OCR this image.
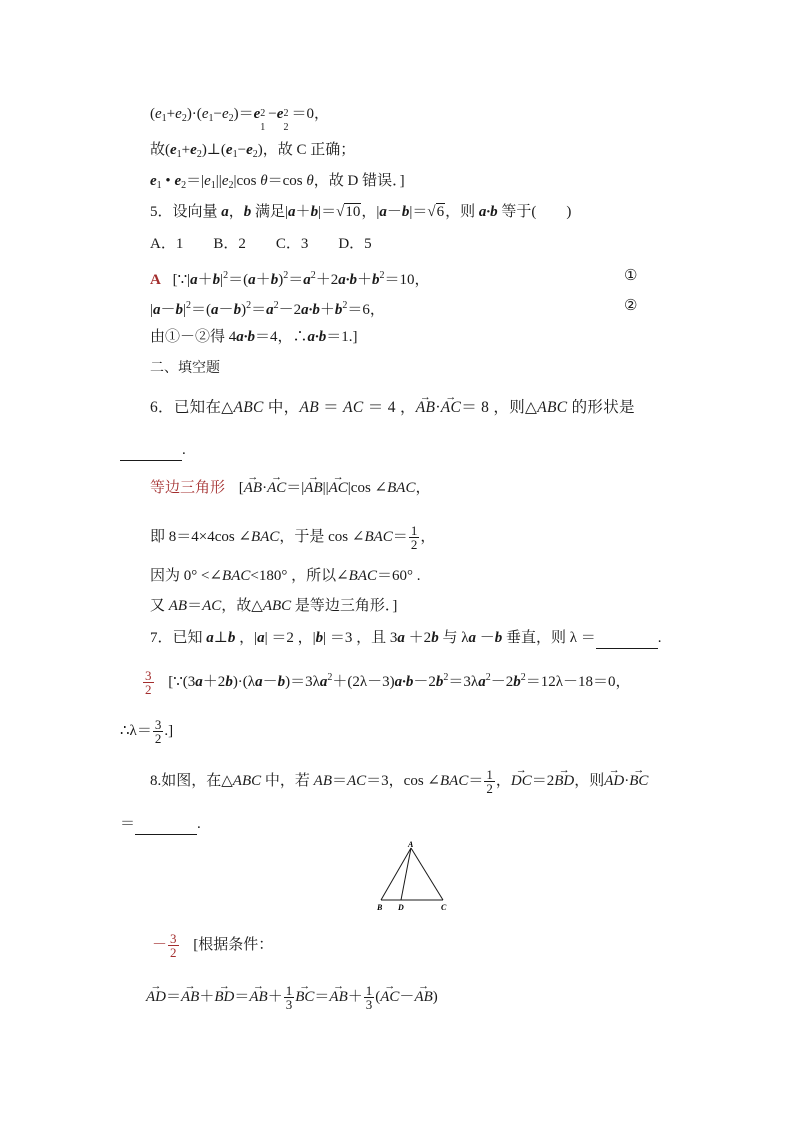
$(e_1+e_2)\cdot(e_1-e_2)=e$ 2
1
−e 2
2
＝0，
故$(e_1+e_2)\perp(e_1-e_2)$，故 C 正确；
$e_1$ • $e_2=|e_1||e_2|\cos$ θ＝cos θ，故 D 错误．]
5．设向量 a，b 满足|a＋b|＝√10，|a－b|＝√6，则 a·b 等于(　　)
A．1　　B．2　　C．3　　D．5
A [$\because|a+b|^2=(a+b)^2=a^2+2a\cdot b+b^2=10$，	①
$|a-b|^2=(a-b)^2=a^2-2a\cdot b+b^2=6$，	②
由①－②得 4a·b＝4，∴a·b＝1.]
二、填空题
6．已知在△ABC 中，AB ＝ AC ＝ 4 ，→ AB·→ AC＝ 8 ，则△ABC 的形状是
.
等边三角形 [→ AB·→ AC＝|→ AB||→ AC|cos ∠BAC，
即 8＝4×4cos ∠BAC，于是 cos ∠BAC＝ $\frac{1}{2}$ ，
因为 0° <∠BAC<180° ，所以∠BAC＝60° .
又 AB＝AC，故△ABC 是等边三角形．]
7．已知 a⊥b ，|a| ＝2 ，|b| ＝3 ，且 3a ＋2b 与 λa －b 垂直，则 λ ＝	.
$\frac{3}{2}$ [$\because(3a+2b)\cdot(\lambda a-b)=3\lambda a^2+(2\lambda-3)a\cdot b-2b^2=3\lambda a^2-2b^2=12\lambda-18=0$，
∴λ＝ $\frac{3}{2}$ .]
8.如图，在△ABC 中，若 AB＝AC＝3，cos ∠BAC＝ $\frac{1}{2}$ ，→ DC＝2→ BD，则→ AD·→ BC
＝	.
A
B D	C
－ $\frac{3}{2}$ [根据条件：
→ $AD=\to AB+\to BD=\to AB+ \frac{1}{3}$
→ $BC=\to AB+ \frac{1}{3}$ (→ AC－→ AB)
